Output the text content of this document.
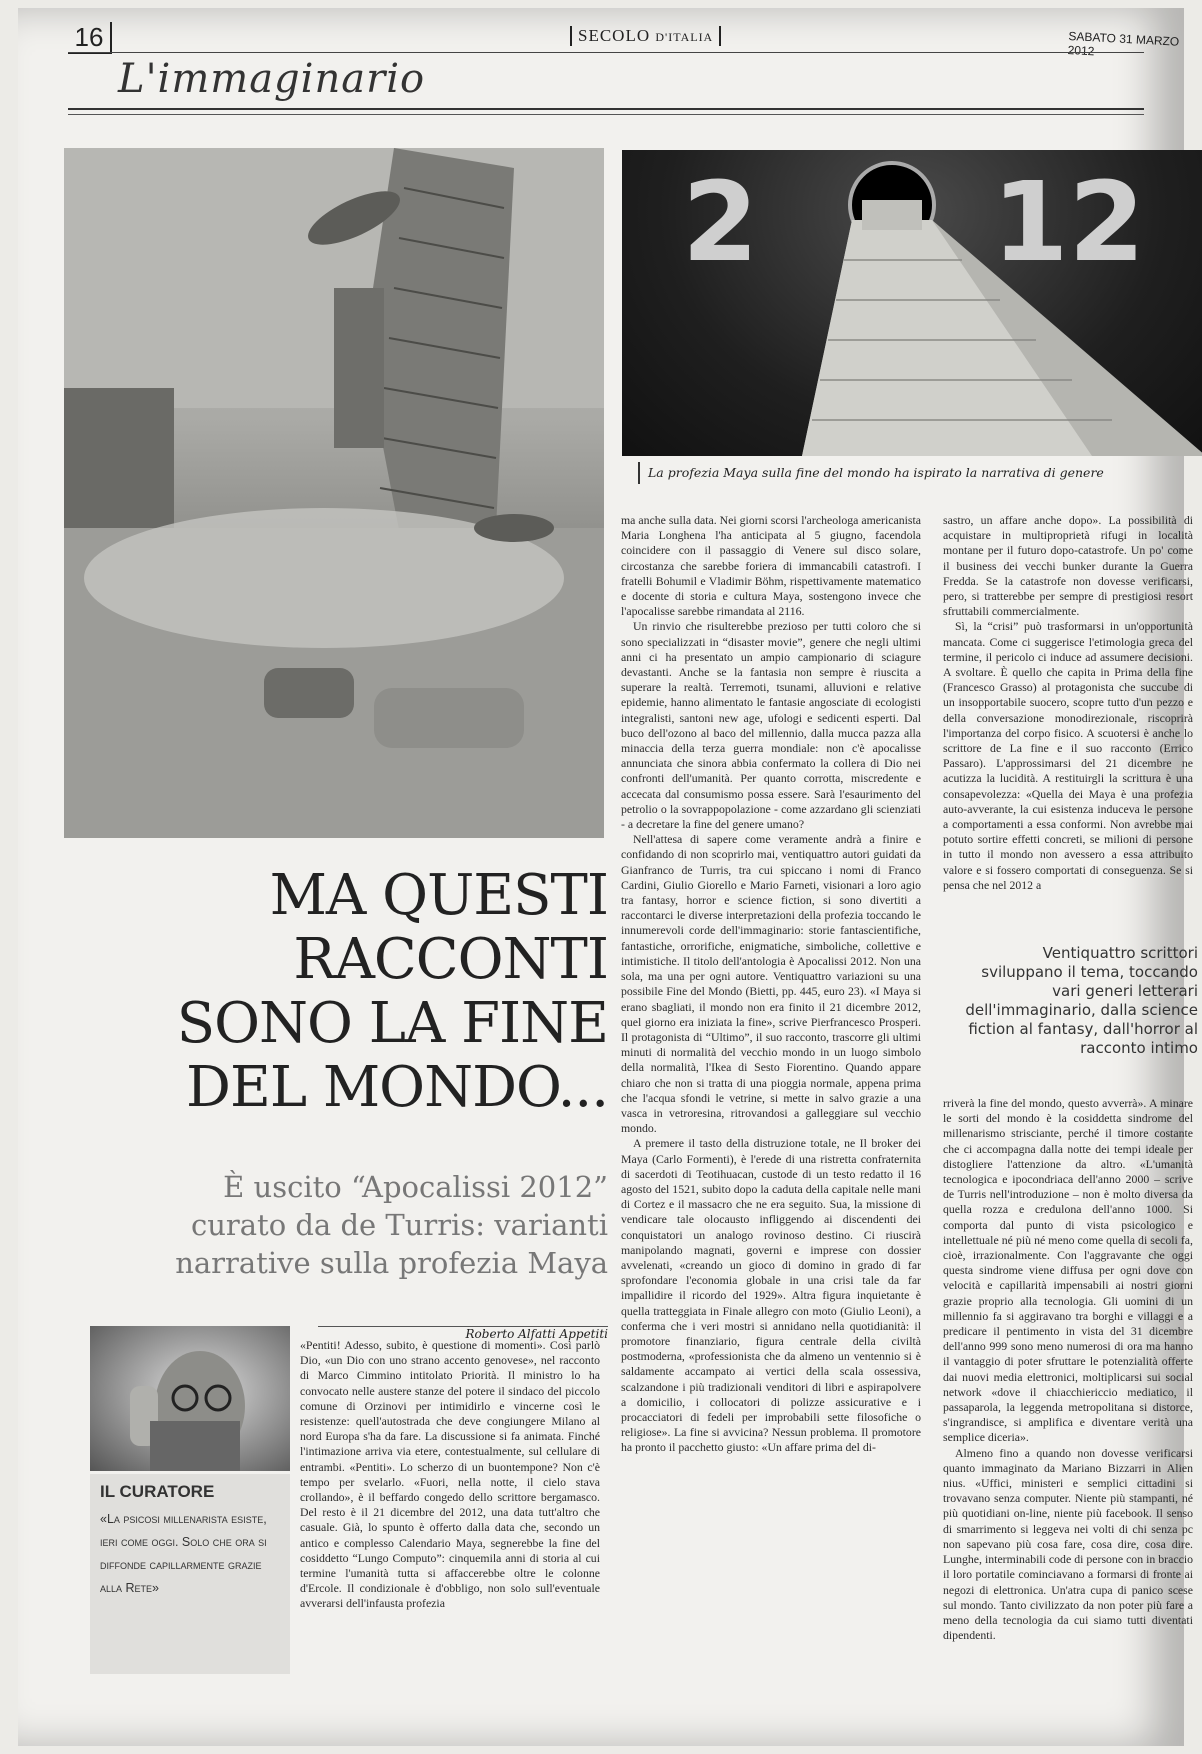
16	SECOLO D'ITALIA	SABATO 31 MARZO 2012
L'immaginario
2 12
La profezia Maya sulla fine del mondo ha ispirato la narrativa di genere
MA QUESTI
RACCONTI
SONO LA FINE
DEL MONDO...
È uscito “Apocalissi 2012” curato da de Turris: varianti narrative sulla profezia Maya
Roberto Alfatti Appetiti
IL CURATORE
«La psicosi millenarista esiste, ieri come oggi. Solo che ora si diffonde capillarmente grazie alla Rete»

«Pentiti! Adesso, subito, è questione di momenti». Così parlò Dio, «un Dio con uno strano accento genovese», nel racconto di Marco Cimmino intitolato Priorità. Il ministro lo ha convocato nelle austere stanze del potere il sindaco del piccolo comune di Orzinovi per intimidirlo e vincerne così le resistenze: quell'autostrada che deve congiungere Milano al nord Europa s'ha da fare. La discussione si fa animata. Finché l'intimazione arriva via etere, contestualmente, sul cellulare di entrambi. «Pentiti». Lo scherzo di un buontempone? Non c'è tempo per svelarlo. «Fuori, nella notte, il cielo stava crollando», è il beffardo congedo dello scrittore bergamasco. Del resto è il 21 dicembre del 2012, una data tutt'altro che casuale. Già, lo spunto è offerto dalla data che, secondo un antico e complesso Calendario Maya, segnerebbe la fine del cosiddetto “Lungo Computo”: cinquemila anni di storia al cui termine l'umanità tutta si affaccerebbe oltre le colonne d'Ercole. Il condizionale è d'obbligo, non solo sull'eventuale avverarsi dell'infausta profezia

ma anche sulla data. Nei giorni scorsi l'archeologa americanista Maria Longhena l'ha anticipata al 5 giugno, facendola coincidere con il passaggio di Venere sul disco solare, circostanza che sarebbe foriera di immancabili catastrofi. I fratelli Bohumil e Vladimir Böhm, rispettivamente matematico e docente di storia e cultura Maya, sostengono invece che l'apocalisse sarebbe rimandata al 2116.

Un rinvio che risulterebbe prezioso per tutti coloro che si sono specializzati in “disaster movie”, genere che negli ultimi anni ci ha presentato un ampio campionario di sciagure devastanti. Anche se la fantasia non sempre è riuscita a superare la realtà. Terremoti, tsunami, alluvioni e relative epidemie, hanno alimentato le fantasie angosciate di ecologisti integralisti, santoni new age, ufologi e sedicenti esperti. Dal buco dell'ozono al baco del millennio, dalla mucca pazza alla minaccia della terza guerra mondiale: non c'è apocalisse annunciata che sinora abbia confermato la collera di Dio nei confronti dell'umanità. Per quanto corrotta, miscredente e accecata dal consumismo possa essere. Sarà l'esaurimento del petrolio o la sovrappopolazione - come azzardano gli scienziati - a decretare la fine del genere umano?

Nell'attesa di sapere come veramente andrà a finire e confidando di non scoprirlo mai, ventiquattro autori guidati da Gianfranco de Turris, tra cui spiccano i nomi di Franco Cardini, Giulio Giorello e Mario Farneti, visionari a loro agio tra fantasy, horror e science fiction, si sono divertiti a raccontarci le diverse interpretazioni della profezia toccando le innumerevoli corde dell'immaginario: storie fantascientifiche, fantastiche, orrorifiche, enigmatiche, simboliche, collettive e intimistiche. Il titolo dell'antologia è Apocalissi 2012. Non una sola, ma una per ogni autore. Ventiquattro variazioni su una possibile Fine del Mondo (Bietti, pp. 445, euro 23). «I Maya si erano sbagliati, il mondo non era finito il 21 dicembre 2012, quel giorno era iniziata la fine», scrive Pierfrancesco Prosperi. Il protagonista di “Ultimo”, il suo racconto, trascorre gli ultimi minuti di normalità del vecchio mondo in un luogo simbolo della normalità, l'Ikea di Sesto Fiorentino. Quando appare chiaro che non si tratta di una pioggia normale, appena prima che l'acqua sfondi le vetrine, si mette in salvo grazie a una vasca in vetroresina, ritrovandosi a galleggiare sul vecchio mondo.

A premere il tasto della distruzione totale, ne Il broker dei Maya (Carlo Formenti), è l'erede di una ristretta confraternita di sacerdoti di Teotihuacan, custode di un testo redatto il 16 agosto del 1521, subito dopo la caduta della capitale nelle mani di Cortez e il massacro che ne era seguito. Sua, la missione di vendicare tale olocausto infliggendo ai discendenti dei conquistatori un analogo rovinoso destino. Ci riuscirà manipolando magnati, governi e imprese con dossier avvelenati, «creando un gioco di domino in grado di far sprofondare l'economia globale in una crisi tale da far impallidire il ricordo del 1929». Altra figura inquietante è quella tratteggiata in Finale allegro con moto (Giulio Leoni), a conferma che i veri mostri si annidano nella quotidianità: il promotore finanziario, figura centrale della civiltà postmoderna, «professionista che da almeno un ventennio si è saldamente accampato ai vertici della scala ossessiva, scalzandone i più tradizionali venditori di libri e aspirapolvere a domicilio, i collocatori di polizze assicurative e i procacciatori di fedeli per improbabili sette filosofiche o religiose». La fine si avvicina? Nessun problema. Il promotore ha pronto il pacchetto giusto: «Un affare prima del di-

sastro, un affare anche dopo». La possibilità di acquistare in multiproprietà rifugi in località montane per il futuro dopo-catastrofe. Un po' come il business dei vecchi bunker durante la Guerra Fredda. Se la catastrofe non dovesse verificarsi, pero, si tratterebbe per sempre di prestigiosi resort sfruttabili commercialmente.

Sì, la “crisi” può trasformarsi in un'opportunità mancata. Come ci suggerisce l'etimologia greca del termine, il pericolo ci induce ad assumere decisioni. A svoltare. È quello che capita in Prima della fine (Francesco Grasso) al protagonista che succube di un insopportabile suocero, scopre tutto d'un pezzo e della conversazione monodirezionale, riscoprirà l'importanza del corpo fisico. A scuotersi è anche lo scrittore de La fine e il suo racconto (Errico Passaro). L'approssimarsi del 21 dicembre ne acutizza la lucidità. A restituirgli la scrittura è una consapevolezza: «Quella dei Maya è una profezia auto-avverante, la cui esistenza induceva le persone a comportamenti a essa conformi. Non avrebbe mai potuto sortire effetti concreti, se milioni di persone in tutto il mondo non avessero a essa attribuito valore e si fossero comportati di conseguenza. Se si pensa che nel 2012 a

Ventiquattro scrittori sviluppano il tema, toccando vari generi letterari dell'immaginario, dalla science fiction al fantasy, dall'horror al racconto intimo

rriverà la fine del mondo, questo avverrà». A minare le sorti del mondo è la cosiddetta sindrome del millenarismo strisciante, perché il timore costante che ci accompagna dalla notte dei tempi ideale per distogliere l'attenzione da altro. «L'umanità tecnologica e ipocondriaca dell'anno 2000 – scrive de Turris nell'introduzione – non è molto diversa da quella rozza e credulona dell'anno 1000. Si comporta dal punto di vista psicologico e intellettuale né più né meno come quella di secoli fa, cioè, irrazionalmente. Con l'aggravante che oggi questa sindrome viene diffusa per ogni dove con velocità e capillarità impensabili ai nostri giorni grazie proprio alla tecnologia. Gli uomini di un millennio fa si aggiravano tra borghi e villaggi e a predicare il pentimento in vista del 31 dicembre dell'anno 999 sono meno numerosi di ora ma hanno il vantaggio di poter sfruttare le potenzialità offerte dai nuovi media elettronici, moltiplicarsi sui social network «dove il chiacchiericcio mediatico, il passaparola, la leggenda metropolitana si distorce, s'ingrandisce, si amplifica e diventare verità una semplice diceria».

Almeno fino a quando non dovesse verificarsi quanto immaginato da Mariano Bizzarri in Alien nius. «Uffici, ministeri e semplici cittadini si trovavano senza computer. Niente più stampanti, né più quotidiani on-line, niente più facebook. Il senso di smarrimento si leggeva nei volti di chi senza pc non sapevano più cosa fare, cosa dire, cosa dire. Lunghe, interminabili code di persone con in braccio il loro portatile cominciavano a formarsi di fronte ai negozi di elettronica. Un'atra cupa di panico scese sul mondo. Tanto civilizzato da non poter più fare a meno della tecnologia da cui siamo tutti diventati dipendenti.
